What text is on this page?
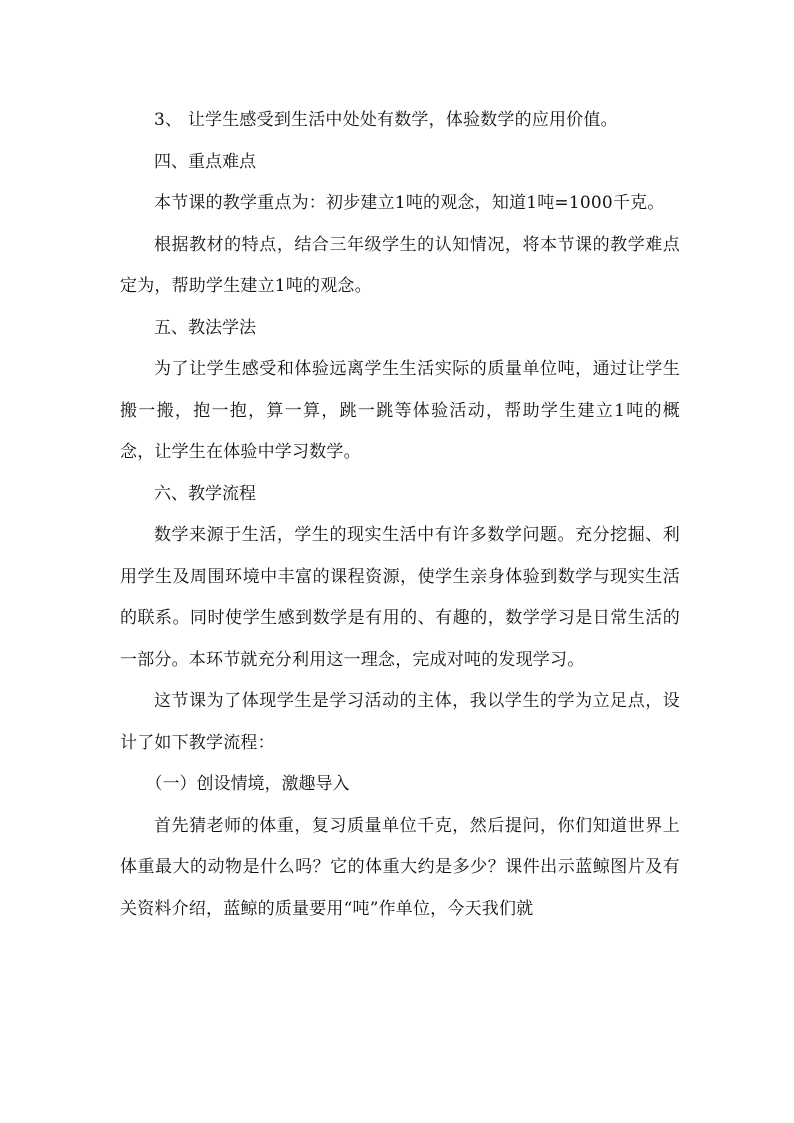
3、 让学生感受到生活中处处有数学，体验数学的应用价值。

四、重点难点

本节课的教学重点为：初步建立1吨的观念，知道1吨=1000千克。

根据教材的特点，结合三年级学生的认知情况，将本节课的教学难点定为，帮助学生建立1吨的观念。

五、教法学法

为了让学生感受和体验远离学生生活实际的质量单位吨，通过让学生搬一搬，抱一抱，算一算，跳一跳等体验活动，帮助学生建立1吨的概念，让学生在体验中学习数学。

六、教学流程

数学来源于生活，学生的现实生活中有许多数学问题。充分挖掘、利用学生及周围环境中丰富的课程资源，使学生亲身体验到数学与现实生活的联系。同时使学生感到数学是有用的、有趣的，数学学习是日常生活的一部分。本环节就充分利用这一理念，完成对吨的发现学习。

这节课为了体现学生是学习活动的主体，我以学生的学为立足点，设计了如下教学流程：

（一）创设情境，激趣导入

首先猜老师的体重，复习质量单位千克，然后提问，你们知道世界上体重最大的动物是什么吗？它的体重大约是多少？课件出示蓝鲸图片及有关资料介绍，蓝鲸的质量要用“吨”作单位，今天我们就
